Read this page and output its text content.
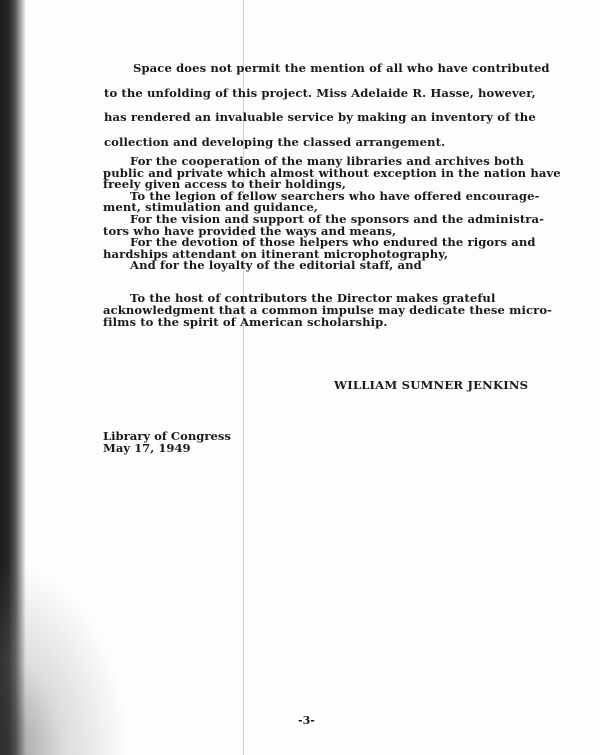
Space does not permit the mention of all who have contributed
to the unfolding of this project. Miss Adelaide R. Hasse, however,
has rendered an invaluable service by making an inventory of the
collection and developing the classed arrangement.
For the cooperation of the many libraries and archives both
public and private which almost without exception in the nation have
freely given access to their holdings,
To the legion of fellow searchers who have offered encourage-
ment, stimulation and guidance,
For the vision and support of the sponsors and the administra-
tors who have provided the ways and means,
For the devotion of those helpers who endured the rigors and
hardships attendant on itinerant microphotography,
And for the loyalty of the editorial staff, and
To the host of contributors the Director makes grateful
acknowledgment that a common impulse may dedicate these micro-
films to the spirit of American scholarship.

WILLIAM SUMNER JENKINS

Library of Congress
May 17, 1949

-3-
